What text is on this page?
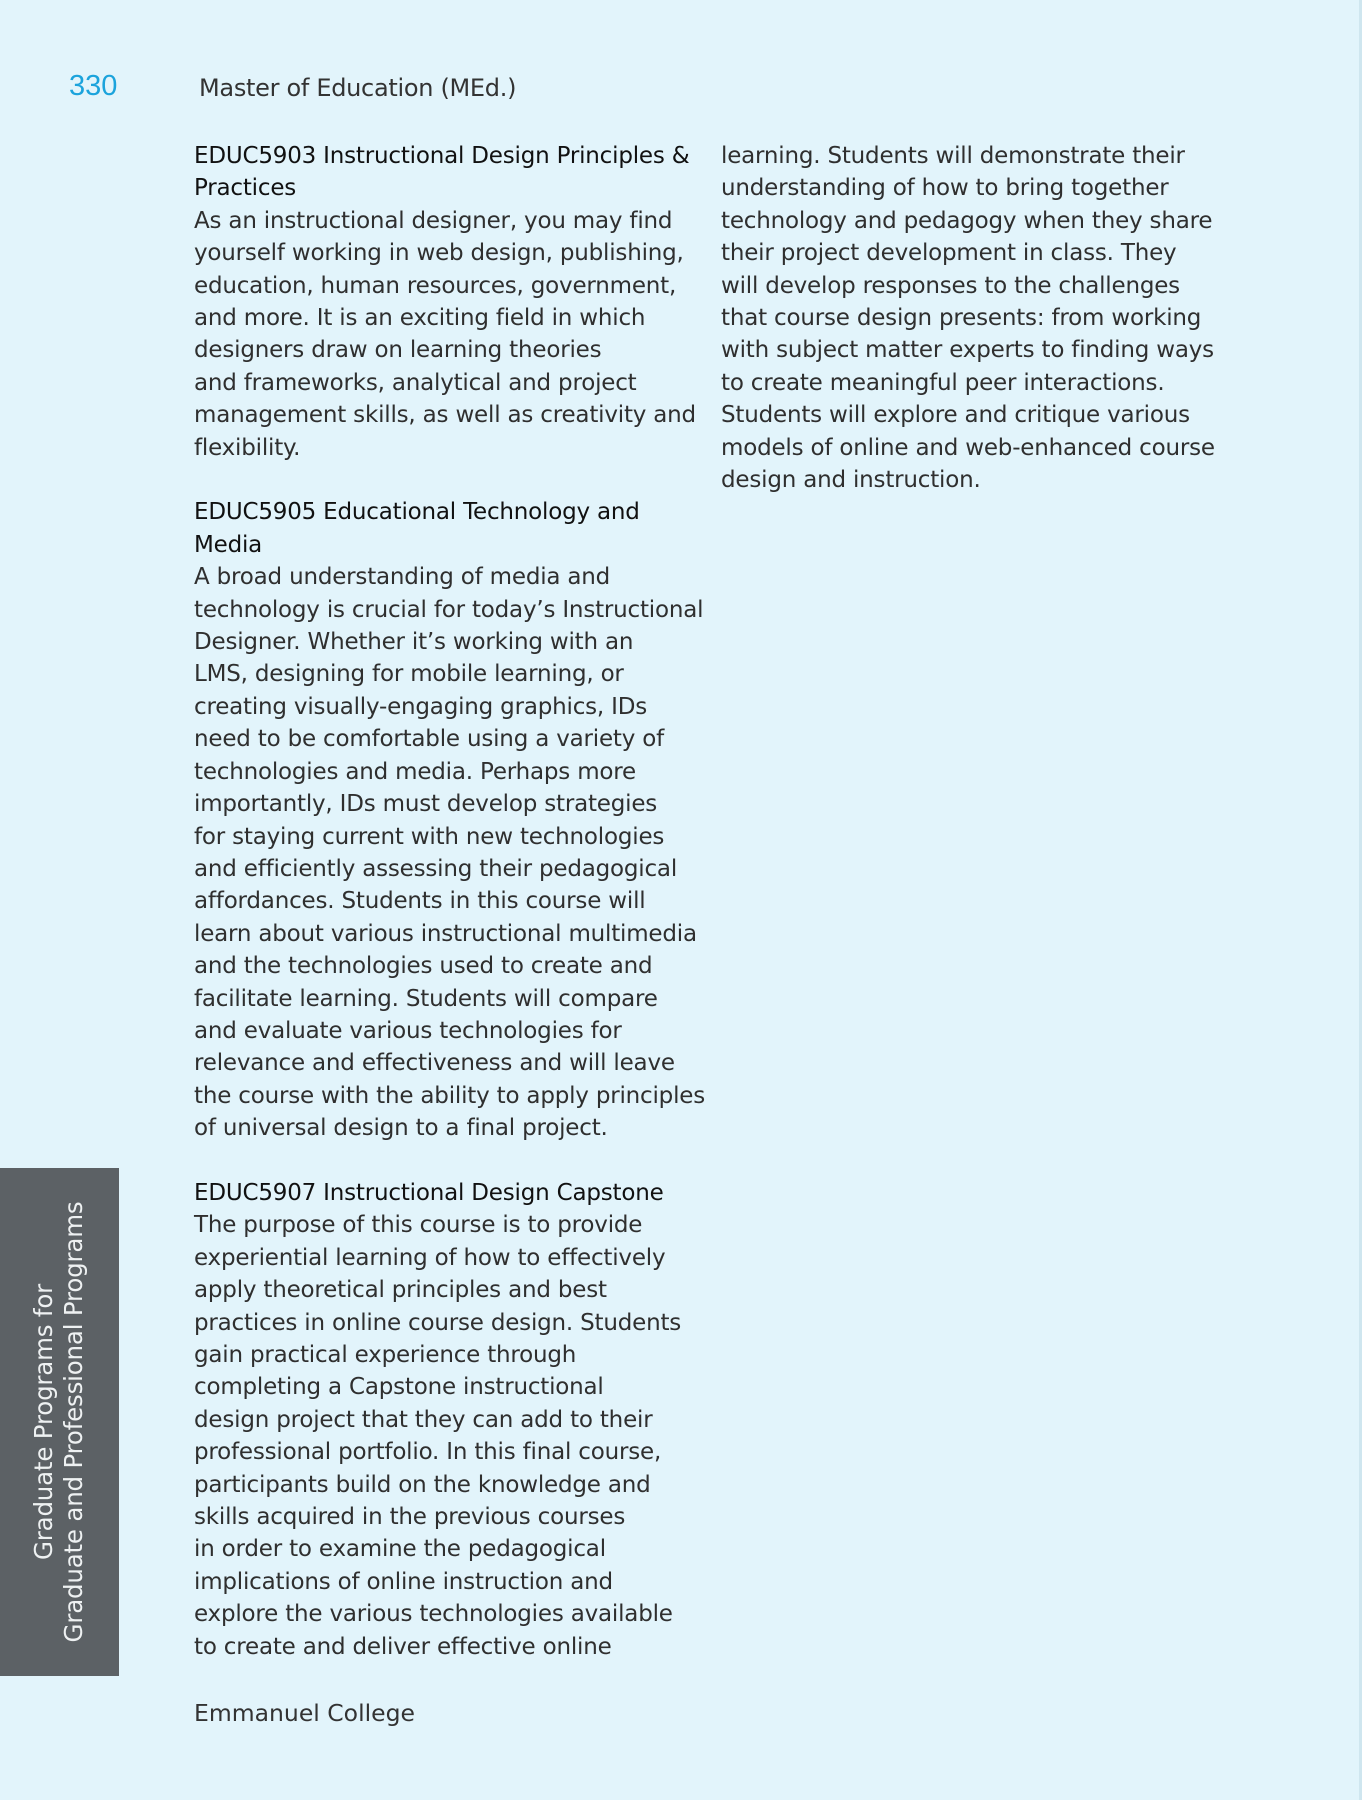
330	Master of Education (MEd.)
EDUC5903 Instructional Design Principles &
Practices
As an instructional designer, you may find
yourself working in web design, publishing,
education, human resources, government,
and more. It is an exciting field in which
designers draw on learning theories
and frameworks, analytical and project
management skills, as well as creativity and
flexibility.
EDUC5905 Educational Technology and
Media
A broad understanding of media and
technology is crucial for today’s Instructional
Designer. Whether it’s working with an
LMS, designing for mobile learning, or
creating visually-engaging graphics, IDs
need to be comfortable using a variety of
technologies and media. Perhaps more
importantly, IDs must develop strategies
for staying current with new technologies
and efficiently assessing their pedagogical
affordances. Students in this course will
learn about various instructional multimedia
and the technologies used to create and
facilitate learning. Students will compare
and evaluate various technologies for
relevance and effectiveness and will leave
the course with the ability to apply principles
of universal design to a final project.
EDUC5907 Instructional Design Capstone
The purpose of this course is to provide
experiential learning of how to effectively
apply theoretical principles and best
practices in online course design. Students
gain practical experience through
completing a Capstone instructional
design project that they can add to their
professional portfolio. In this final course,
participants build on the knowledge and
skills acquired in the previous courses
in order to examine the pedagogical
implications of online instruction and
explore the various technologies available
to create and deliver effective online
learning. Students will demonstrate their
understanding of how to bring together
technology and pedagogy when they share
their project development in class. They
will develop responses to the challenges
that course design presents: from working
with subject matter experts to finding ways
to create meaningful peer interactions.
Students will explore and critique various
models of online and web-enhanced course
design and instruction.
Graduate Programs for Graduate and Professional Programs
Emmanuel College
